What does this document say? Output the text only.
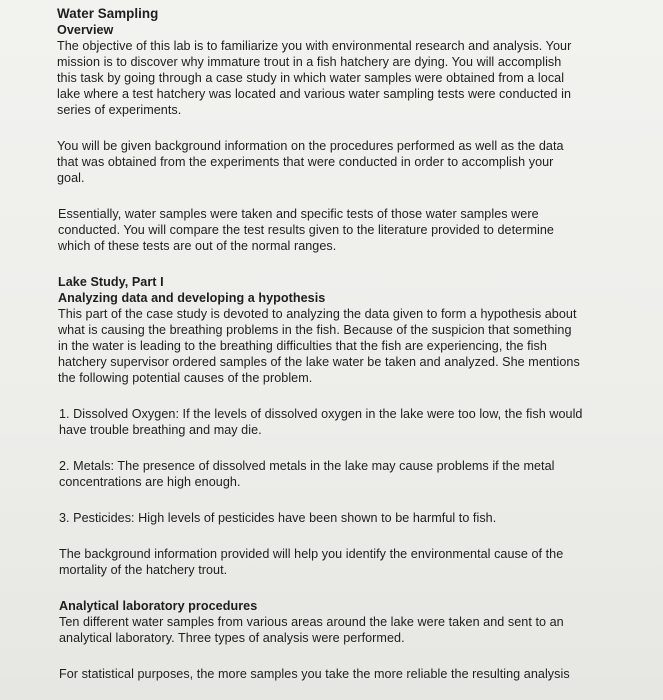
Water Sampling
Overview
The objective of this lab is to familiarize you with environmental research and analysis. Your
mission is to discover why immature trout in a fish hatchery are dying. You will accomplish
this task by going through a case study in which water samples were obtained from a local
lake where a test hatchery was located and various water sampling tests were conducted in
series of experiments.
You will be given background information on the procedures performed as well as the data
that was obtained from the experiments that were conducted in order to accomplish your
goal.
Essentially, water samples were taken and specific tests of those water samples were
conducted. You will compare the test results given to the literature provided to determine
which of these tests are out of the normal ranges.
Lake Study, Part I
Analyzing data and developing a hypothesis
This part of the case study is devoted to analyzing the data given to form a hypothesis about
what is causing the breathing problems in the fish. Because of the suspicion that something
in the water is leading to the breathing difficulties that the fish are experiencing, the fish
hatchery supervisor ordered samples of the lake water be taken and analyzed. She mentions
the following potential causes of the problem.
1. Dissolved Oxygen: If the levels of dissolved oxygen in the lake were too low, the fish would
have trouble breathing and may die.
2. Metals: The presence of dissolved metals in the lake may cause problems if the metal
concentrations are high enough.
3. Pesticides: High levels of pesticides have been shown to be harmful to fish.
The background information provided will help you identify the environmental cause of the
mortality of the hatchery trout.
Analytical laboratory procedures
Ten different water samples from various areas around the lake were taken and sent to an
analytical laboratory. Three types of analysis were performed.
For statistical purposes, the more samples you take the more reliable the resulting analysis
